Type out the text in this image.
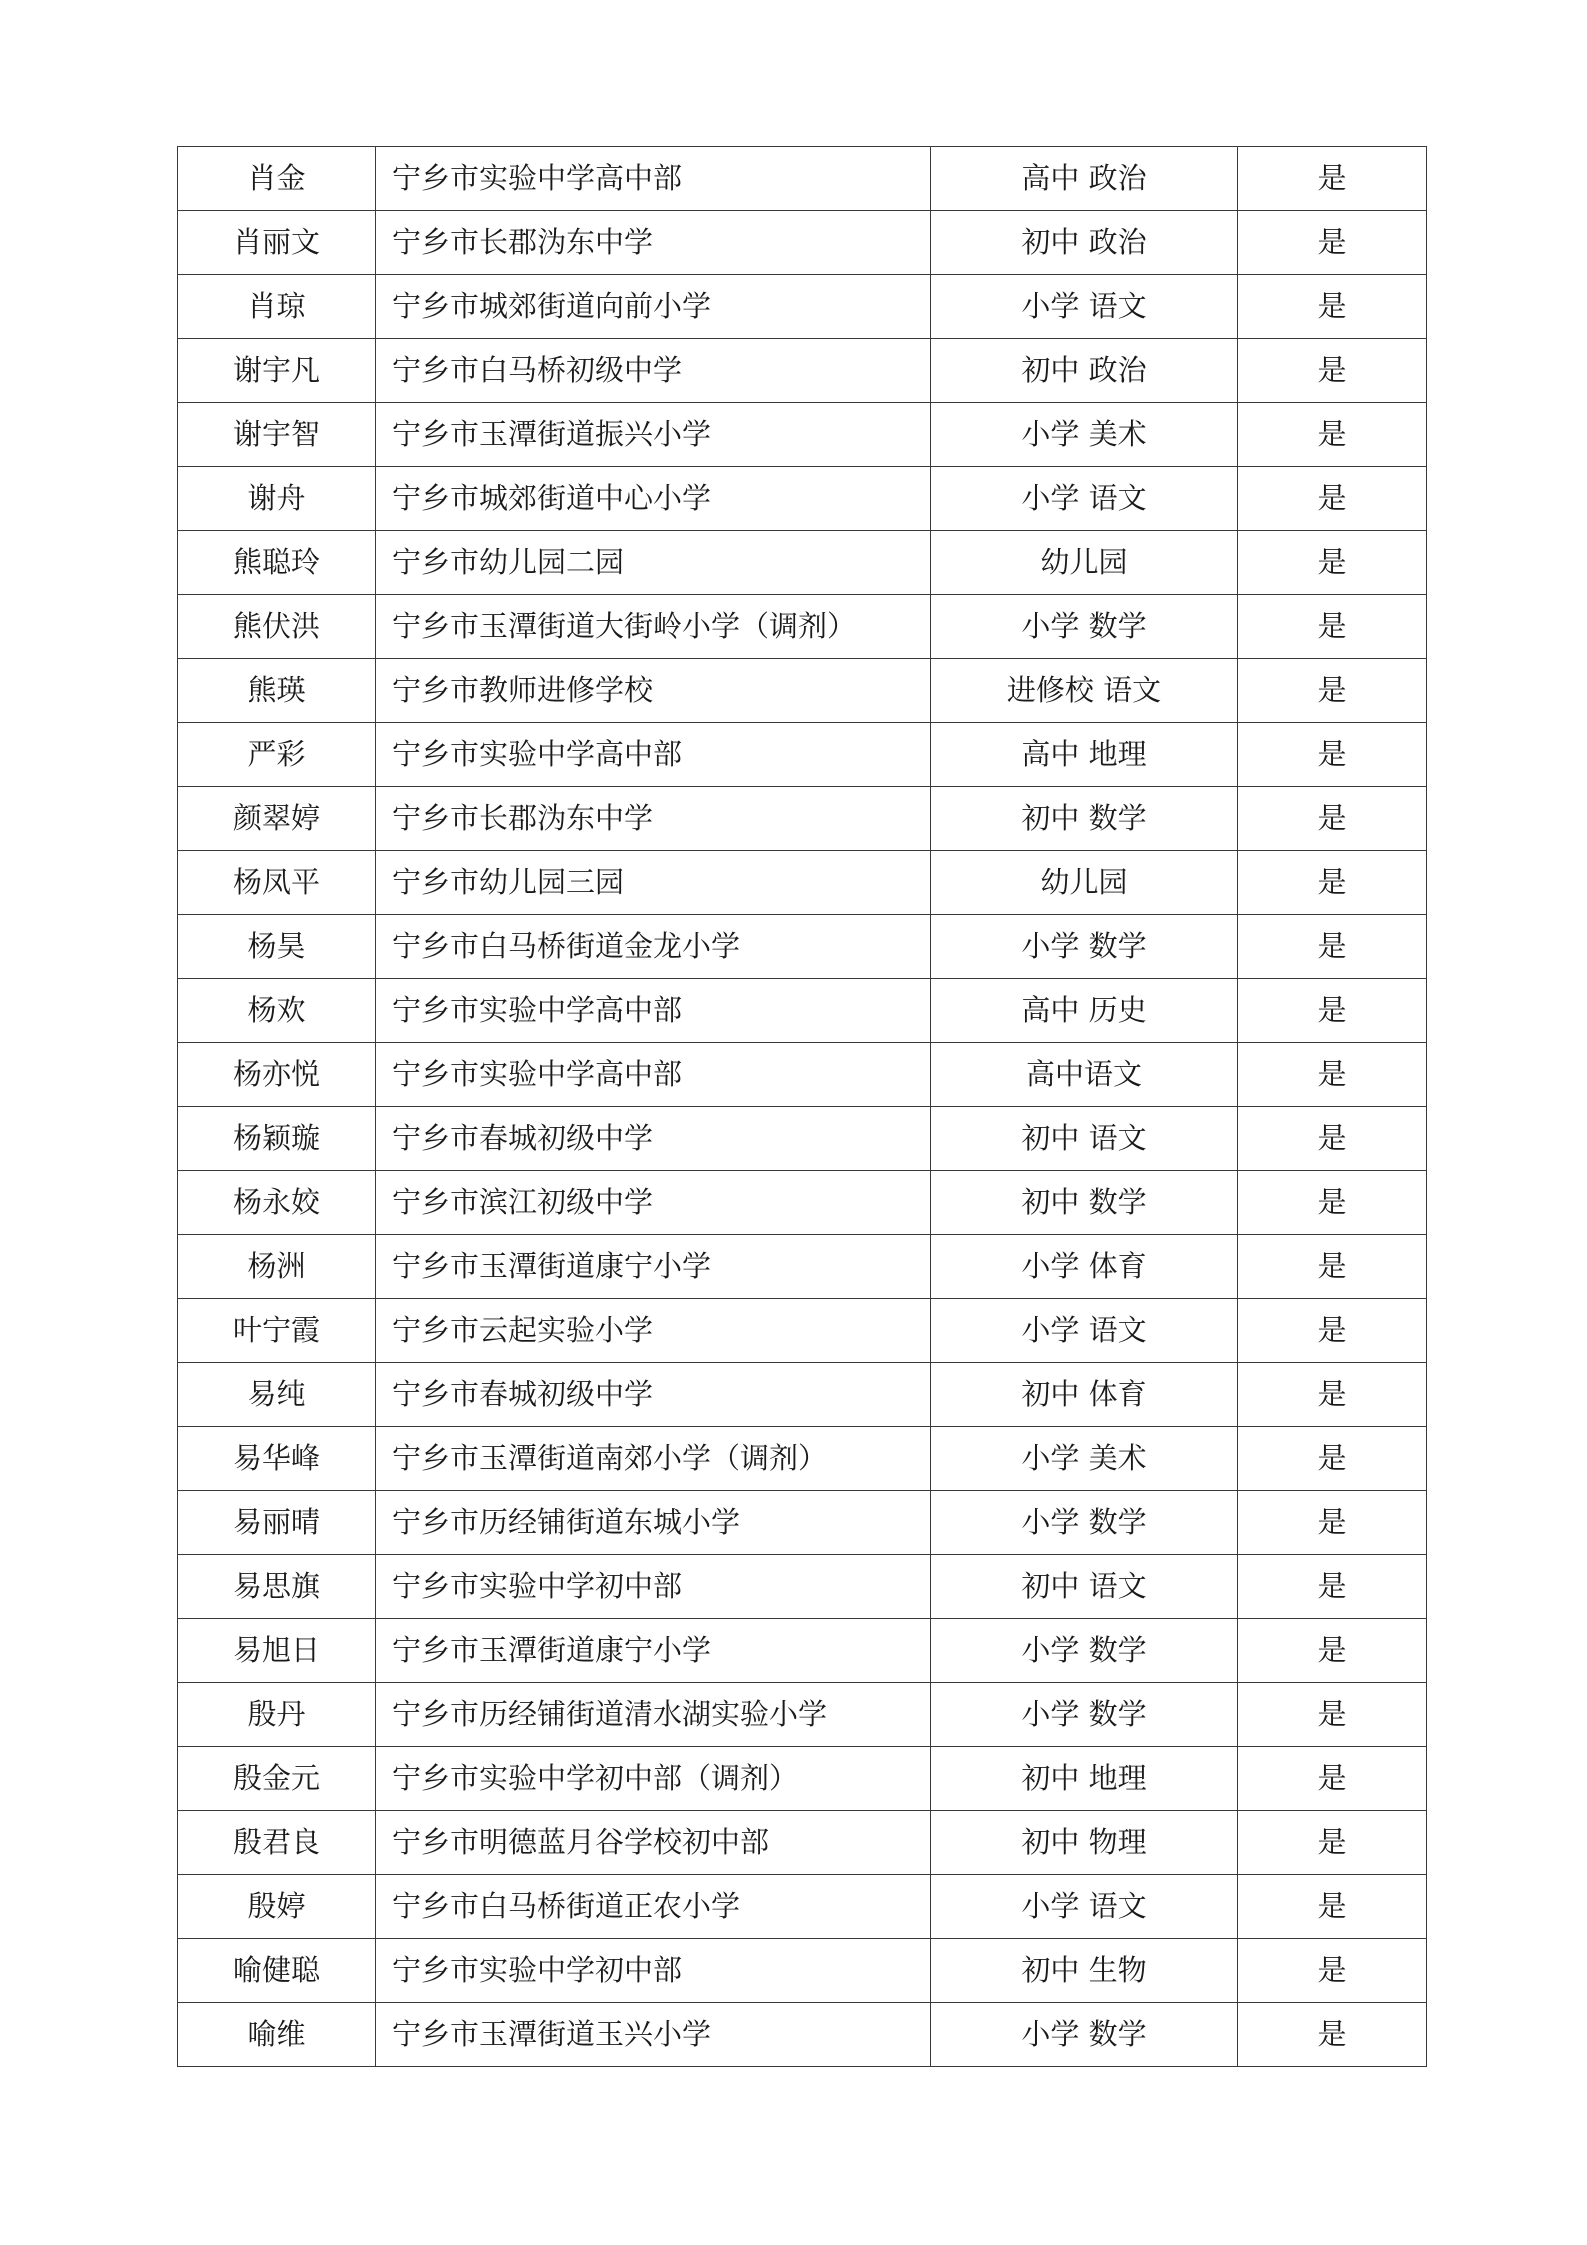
肖金	宁乡市实验中学高中部	高中 政治	是
肖丽文	宁乡市长郡沩东中学	初中 政治	是
肖琼	宁乡市城郊街道向前小学	小学 语文	是
谢宇凡	宁乡市白马桥初级中学	初中 政治	是
谢宇智	宁乡市玉潭街道振兴小学	小学 美术	是
谢舟	宁乡市城郊街道中心小学	小学 语文	是
熊聪玲	宁乡市幼儿园二园	幼儿园	是
熊伏洪	宁乡市玉潭街道大街岭小学（调剂）	小学 数学	是
熊瑛	宁乡市教师进修学校	进修校 语文	是
严彩	宁乡市实验中学高中部	高中 地理	是
颜翠婷	宁乡市长郡沩东中学	初中 数学	是
杨凤平	宁乡市幼儿园三园	幼儿园	是
杨昊	宁乡市白马桥街道金龙小学	小学 数学	是
杨欢	宁乡市实验中学高中部	高中 历史	是
杨亦悦	宁乡市实验中学高中部	高中语文	是
杨颖璇	宁乡市春城初级中学	初中 语文	是
杨永姣	宁乡市滨江初级中学	初中 数学	是
杨洲	宁乡市玉潭街道康宁小学	小学 体育	是
叶宁霞	宁乡市云起实验小学	小学 语文	是
易纯	宁乡市春城初级中学	初中 体育	是
易华峰	宁乡市玉潭街道南郊小学（调剂）	小学 美术	是
易丽晴	宁乡市历经铺街道东城小学	小学 数学	是
易思旗	宁乡市实验中学初中部	初中 语文	是
易旭日	宁乡市玉潭街道康宁小学	小学 数学	是
殷丹	宁乡市历经铺街道清水湖实验小学	小学 数学	是
殷金元	宁乡市实验中学初中部（调剂）	初中 地理	是
殷君良	宁乡市明德蓝月谷学校初中部	初中 物理	是
殷婷	宁乡市白马桥街道正农小学	小学 语文	是
喻健聪	宁乡市实验中学初中部	初中 生物	是
喻维	宁乡市玉潭街道玉兴小学	小学 数学	是
